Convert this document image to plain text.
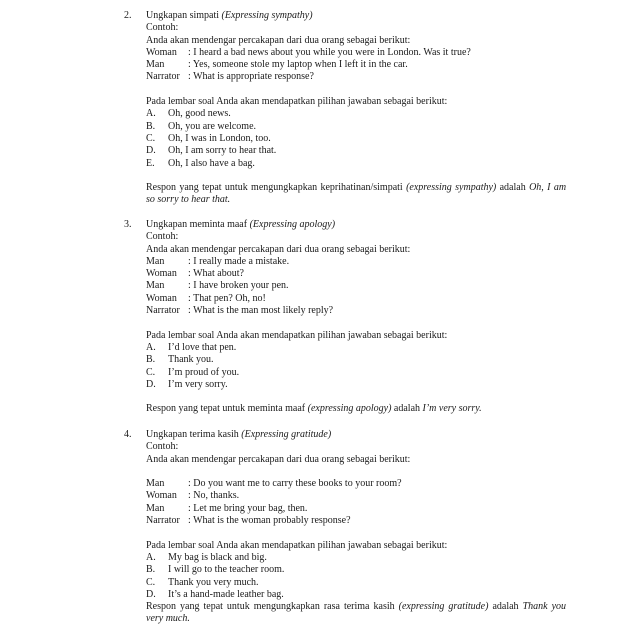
2. Ungkapan simpati (Expressing sympathy)
Contoh:
Anda akan mendengar percakapan dari dua orang sebagai berikut:
Woman : I heard a bad news about you while you were in London. Was it true?
Man : Yes, someone stole my laptop when I left it in the car.
Narrator : What is appropriate response?
Pada lembar soal Anda akan mendapatkan pilihan jawaban sebagai berikut:
A. Oh, good news.
B. Oh, you are welcome.
C. Oh, I was in London, too.
D. Oh, I am sorry to hear that.
E. Oh, I also have a bag.
Respon yang tepat untuk mengungkapkan keprihatinan/simpati (expressing sympathy) adalah Oh, I am so sorry to hear that.
3. Ungkapan meminta maaf (Expressing apology)
Contoh:
Anda akan mendengar percakapan dari dua orang sebagai berikut:
Man : I really made a mistake.
Woman : What about?
Man : I have broken your pen.
Woman : That pen? Oh, no!
Narrator : What is the man most likely reply?
Pada lembar soal Anda akan mendapatkan pilihan jawaban sebagai berikut:
A. I’d love that pen.
B. Thank you.
C. I’m proud of you.
D. I’m very sorry.
Respon yang tepat untuk meminta maaf (expressing apology) adalah I’m very sorry.
4. Ungkapan terima kasih (Expressing gratitude)
Contoh:
Anda akan mendengar percakapan dari dua orang sebagai berikut:
Man : Do you want me to carry these books to your room?
Woman : No, thanks.
Man : Let me bring your bag, then.
Narrator : What is the woman probably response?
Pada lembar soal Anda akan mendapatkan pilihan jawaban sebagai berikut:
A. My bag is black and big.
B. I will go to the teacher room.
C. Thank you very much.
D. It’s a hand-made leather bag.
Respon yang tepat untuk mengungkapkan rasa terima kasih (expressing gratitude) adalah Thank you very much.
